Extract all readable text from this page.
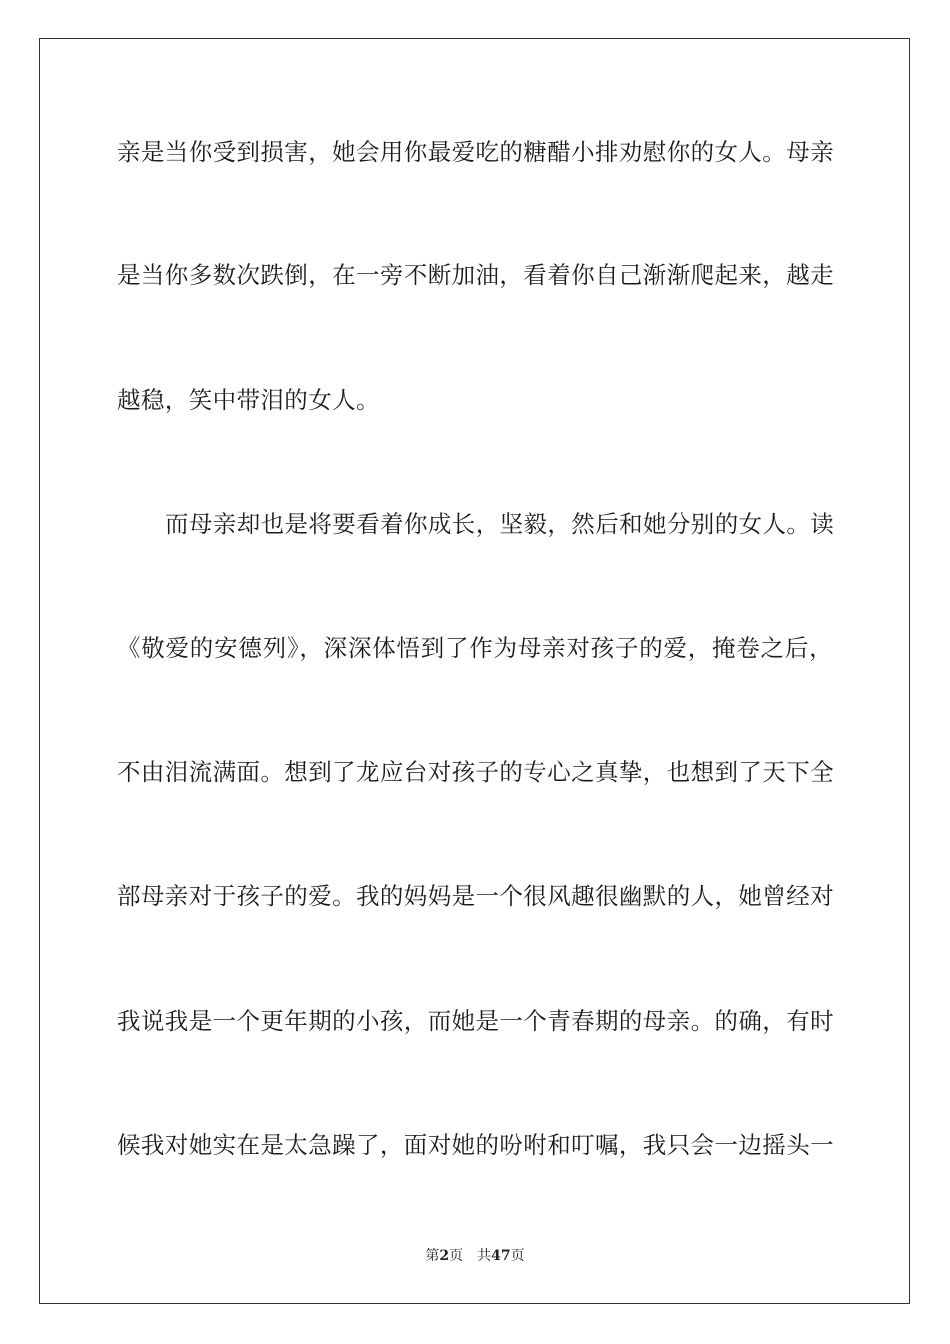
亲是当你受到损害，她会用你最爱吃的糖醋小排劝慰你的女人。母亲
是当你多数次跌倒，在一旁不断加油，看着你自己渐渐爬起来，越走
越稳，笑中带泪的女人。
而母亲却也是将要看着你成长，坚毅，然后和她分别的女人。读
《敬爱的安德列》，深深体悟到了作为母亲对孩子的爱，掩卷之后，
不由泪流满面。想到了龙应台对孩子的专心之真挚，也想到了天下全
部母亲对于孩子的爱。我的妈妈是一个很风趣很幽默的人，她曾经对
我说我是一个更年期的小孩，而她是一个青春期的母亲。的确，有时
候我对她实在是太急躁了，面对她的吩咐和叮嘱，我只会一边摇头一
第2页 共47页
